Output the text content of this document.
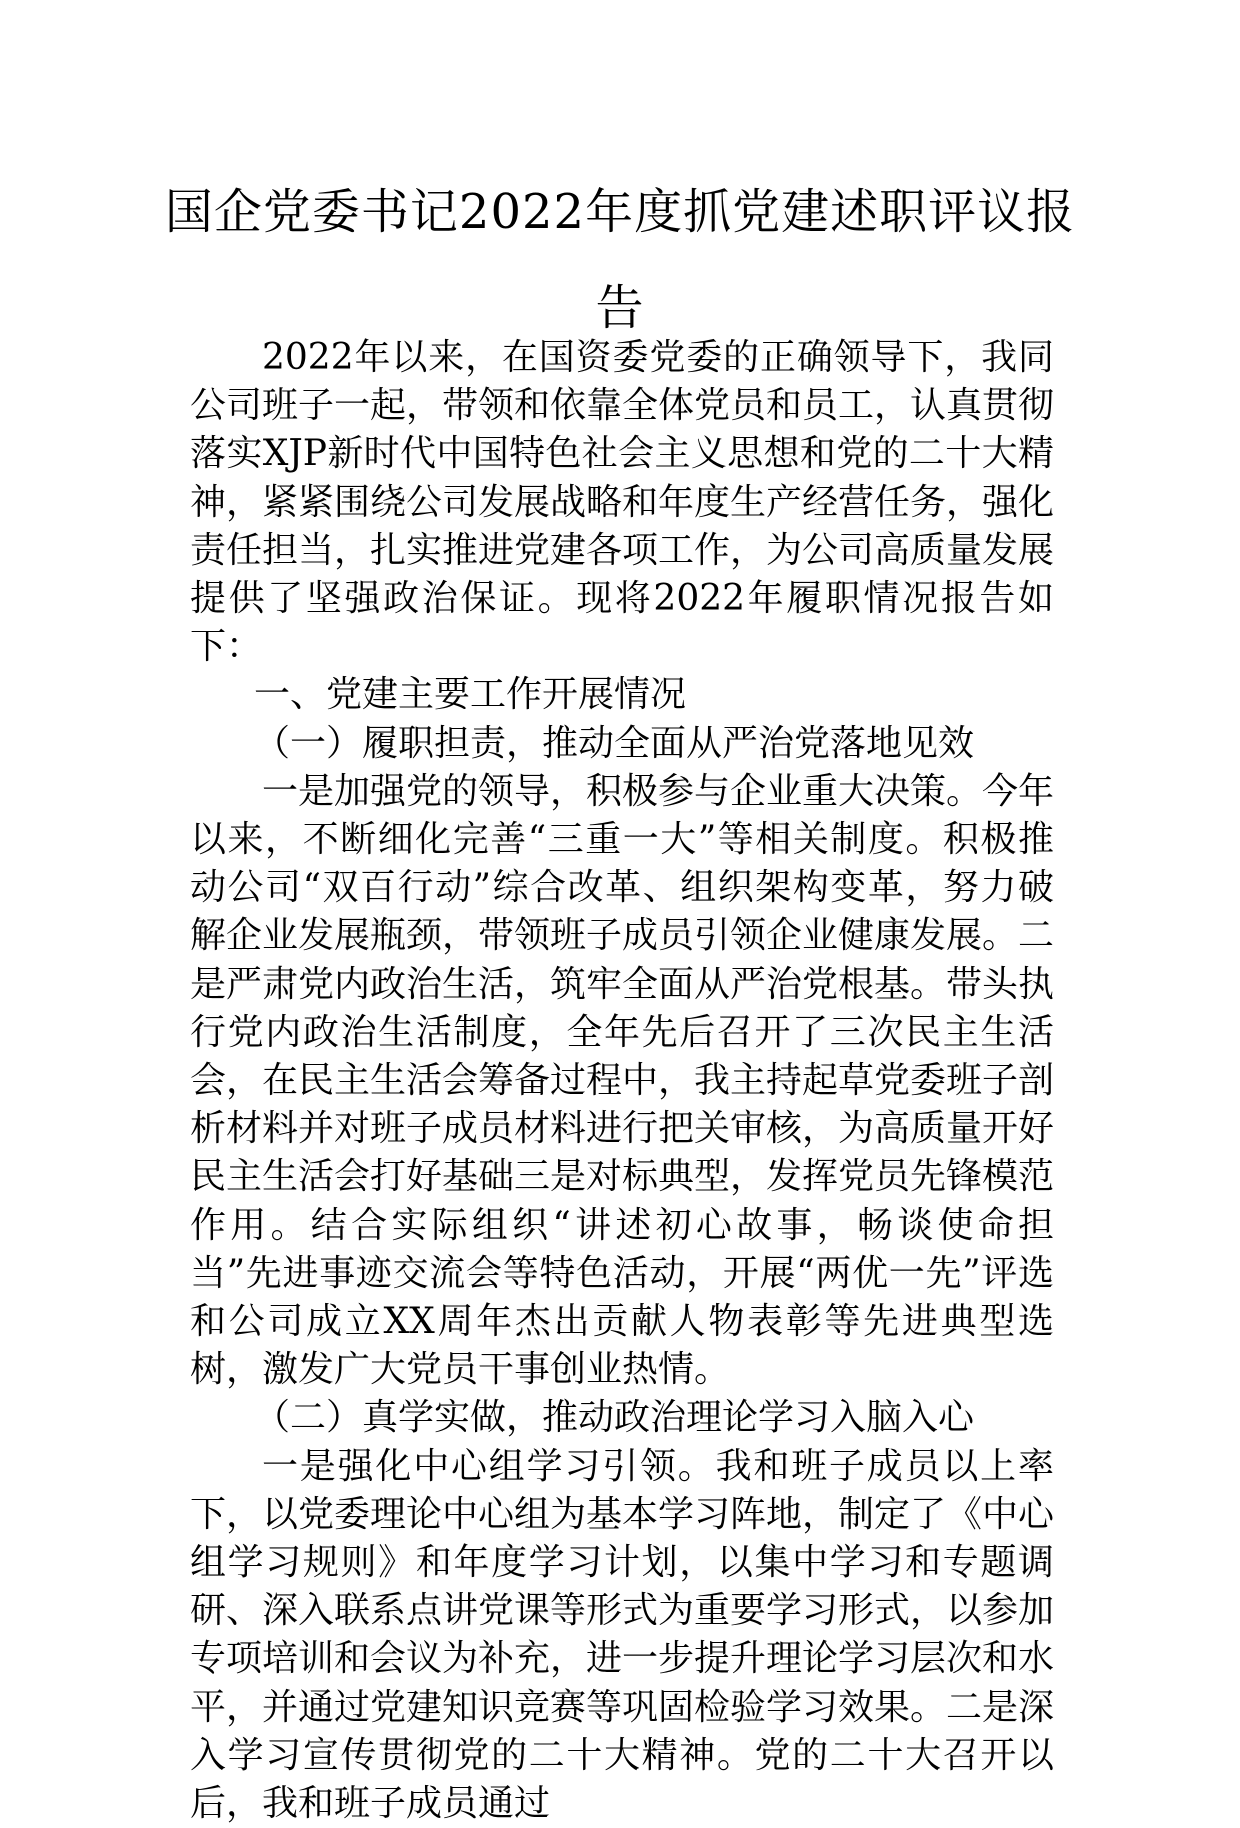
国企党委书记2022年度抓党建述职评议报告

2022年以来，在国资委党委的正确领导下，我同公司班子一起，带领和依靠全体党员和员工，认真贯彻落实XJP新时代中国特色社会主义思想和党的二十大精神，紧紧围绕公司发展战略和年度生产经营任务，强化责任担当，扎实推进党建各项工作，为公司高质量发展提供了坚强政治保证。现将2022年履职情况报告如下：

一、党建主要工作开展情况

（一）履职担责，推动全面从严治党落地见效

一是加强党的领导，积极参与企业重大决策。今年以来，不断细化完善“三重一大”等相关制度。积极推动公司“双百行动”综合改革、组织架构变革，努力破解企业发展瓶颈，带领班子成员引领企业健康发展。二是严肃党内政治生活，筑牢全面从严治党根基。带头执行党内政治生活制度，全年先后召开了三次民主生活会，在民主生活会筹备过程中，我主持起草党委班子剖析材料并对班子成员材料进行把关审核，为高质量开好民主生活会打好基础三是对标典型，发挥党员先锋模范作用。结合实际组织“讲述初心故事，畅谈使命担当”先进事迹交流会等特色活动，开展“两优一先”评选和公司成立XX周年杰出贡献人物表彰等先进典型选树，激发广大党员干事创业热情。

（二）真学实做，推动政治理论学习入脑入心

一是强化中心组学习引领。我和班子成员以上率下，以党委理论中心组为基本学习阵地，制定了《中心组学习规则》和年度学习计划，以集中学习和专题调研、深入联系点讲党课等形式为重要学习形式，以参加专项培训和会议为补充，进一步提升理论学习层次和水平，并通过党建知识竞赛等巩固检验学习效果。二是深入学习宣传贯彻党的二十大精神。党的二十大召开以后，我和班子成员通过
